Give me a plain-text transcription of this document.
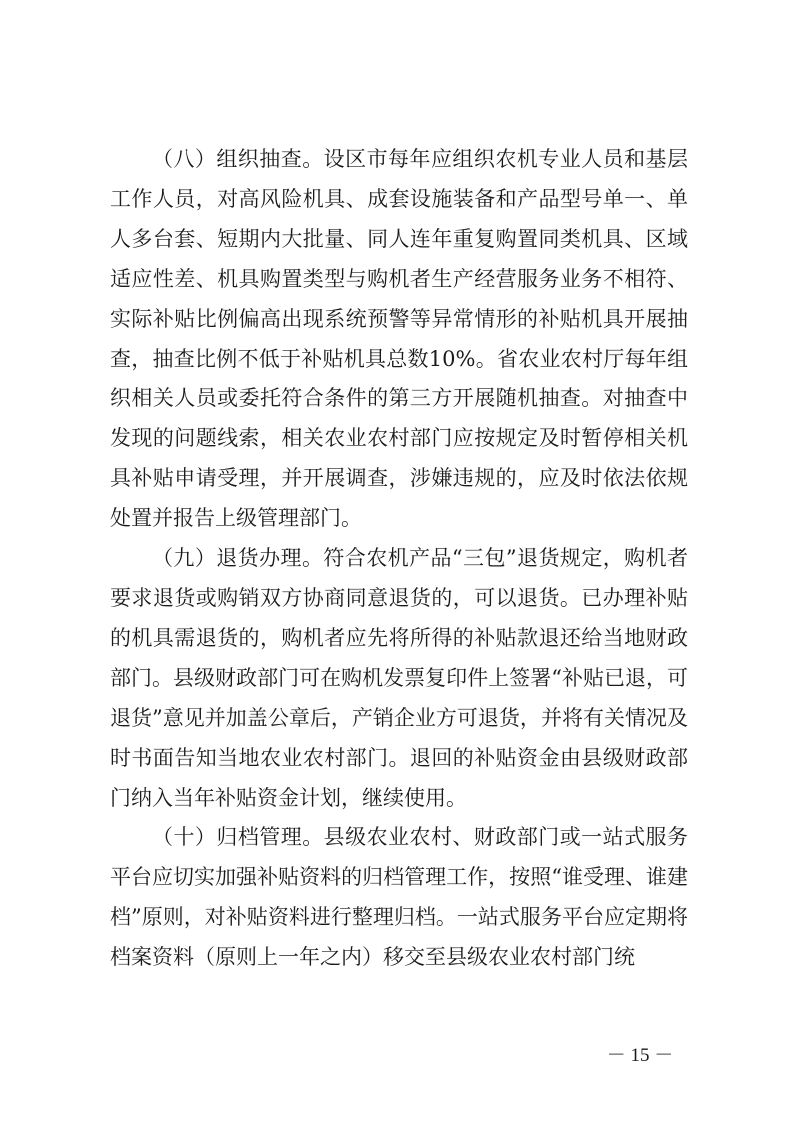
（八）组织抽查。设区市每年应组织农机专业人员和基层工作人员，对高风险机具、成套设施装备和产品型号单一、单人多台套、短期内大批量、同人连年重复购置同类机具、区域适应性差、机具购置类型与购机者生产经营服务业务不相符、实际补贴比例偏高出现系统预警等异常情形的补贴机具开展抽查，抽查比例不低于补贴机具总数10%。省农业农村厅每年组织相关人员或委托符合条件的第三方开展随机抽查。对抽查中发现的问题线索，相关农业农村部门应按规定及时暂停相关机具补贴申请受理，并开展调查，涉嫌违规的，应及时依法依规处置并报告上级管理部门。

（九）退货办理。符合农机产品“三包”退货规定，购机者要求退货或购销双方协商同意退货的，可以退货。已办理补贴的机具需退货的，购机者应先将所得的补贴款退还给当地财政部门。县级财政部门可在购机发票复印件上签署“补贴已退，可退货”意见并加盖公章后，产销企业方可退货，并将有关情况及时书面告知当地农业农村部门。退回的补贴资金由县级财政部门纳入当年补贴资金计划，继续使用。

（十）归档管理。县级农业农村、财政部门或一站式服务平台应切实加强补贴资料的归档管理工作，按照“谁受理、谁建档”原则，对补贴资料进行整理归档。一站式服务平台应定期将档案资料（原则上一年之内）移交至县级农业农村部门统

－ 15 －
